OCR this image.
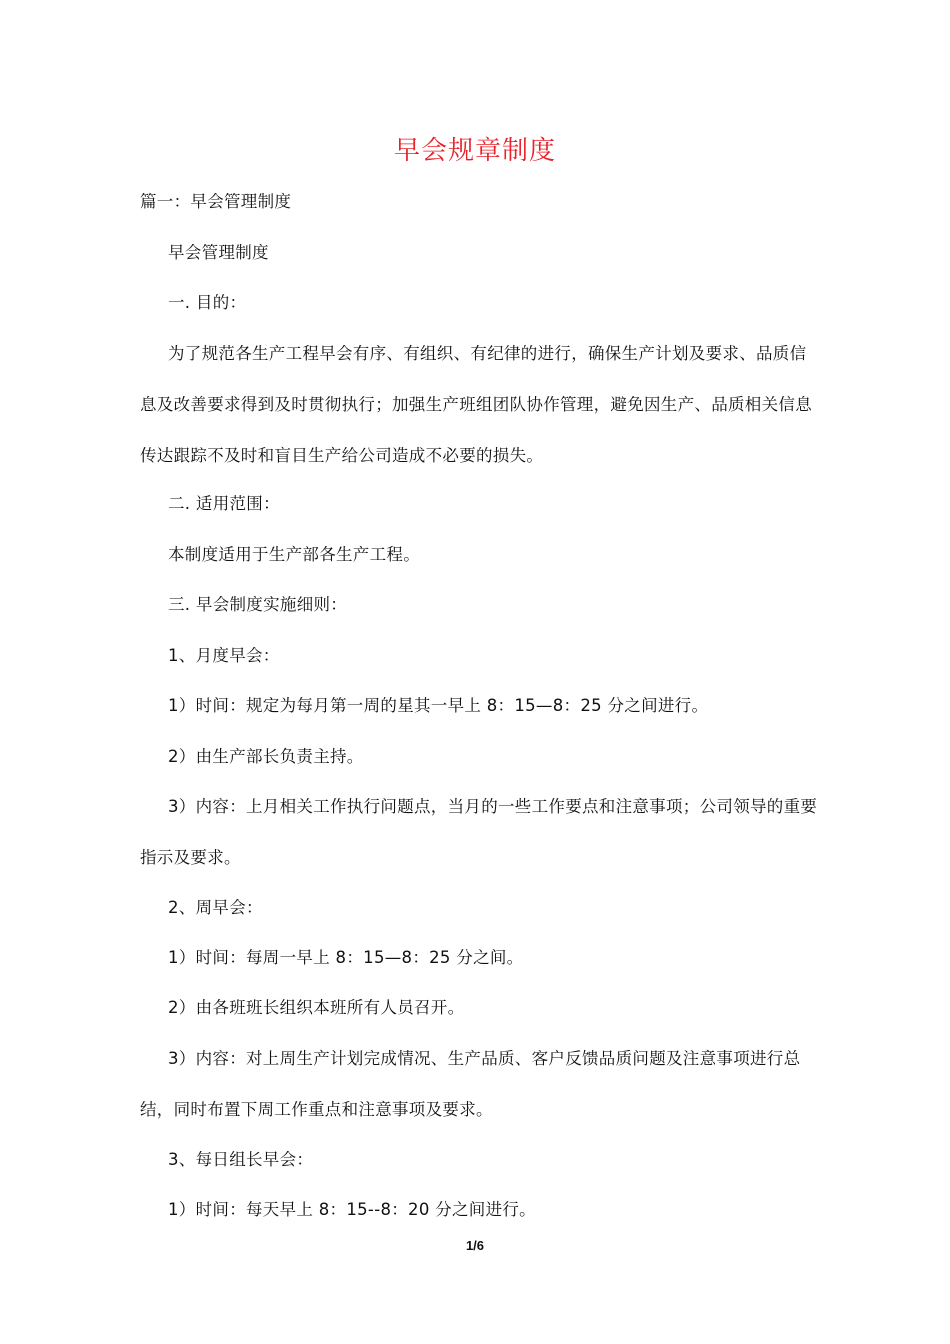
早会规章制度

篇一：早会管理制度

早会管理制度

一. 目的：

为了规范各生产工程早会有序、有组织、有纪律的进行，确保生产计划及要求、品质信息及改善要求得到及时贯彻执行；加强生产班组团队协作管理，避免因生产、品质相关信息传达跟踪不及时和盲目生产给公司造成不必要的损失。

二. 适用范围：

本制度适用于生产部各生产工程。

三. 早会制度实施细则：

1、月度早会：

1）时间：规定为每月第一周的星其一早上 8：15—8：25 分之间进行。

2）由生产部长负责主持。

3）内容：上月相关工作执行问题点，当月的一些工作要点和注意事项；公司领导的重要指示及要求。

2、周早会：

1）时间：每周一早上 8：15—8：25 分之间。

2）由各班班长组织本班所有人员召开。

3）内容：对上周生产计划完成情况、生产品质、客户反馈品质问题及注意事项进行总结，同时布置下周工作重点和注意事项及要求。

3、每日组长早会：

1）时间：每天早上 8：15--8：20 分之间进行。

1/6
